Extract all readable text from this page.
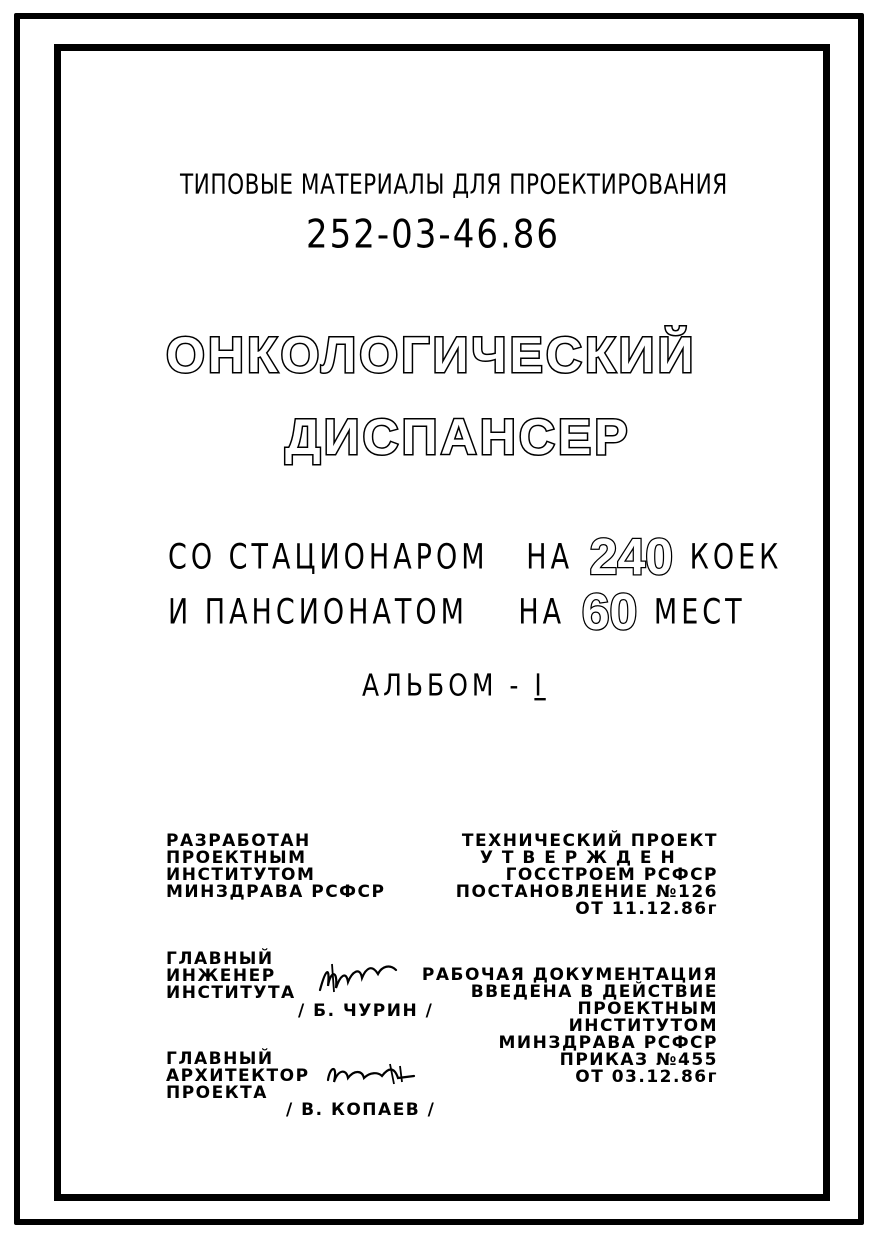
ТИПОВЫЕ МАТЕРИАЛЫ ДЛЯ ПРОЕКТИРОВАНИЯ
252-03-46.86
ОНКОЛОГИЧЕСКИЙ
ДИСПАНСЕР
СО СТАЦИОНАРОМ НА 240 КОЕК
И ПАНСИОНАТОМ НА 60 МЕСТ
АЛЬБОМ - I
РАЗРАБОТАН
ПРОЕКТНЫМ
ИНСТИТУТОМ
МИНЗДРАВА РСФСР
ТЕХНИЧЕСКИЙ ПРОЕКТ
У Т В Е Р Ж Д Е Н
ГОССТРОЕМ РСФСР
ПОСТАНОВЛЕНИЕ №126
ОТ 11.12.86г
ГЛАВНЫЙ
ИНЖЕНЕР
ИНСТИТУТА
/ Б. ЧУРИН /
РАБОЧАЯ ДОКУМЕНТАЦИЯ
ВВЕДЕНА В ДЕЙСТВИЕ
ПРОЕКТНЫМ
ИНСТИТУТОМ
МИНЗДРАВА РСФСР
ПРИКАЗ №455
ОТ 03.12.86г
ГЛАВНЫЙ
АРХИТЕКТОР
ПРОЕКТА
/ В. КОПАЕВ /
